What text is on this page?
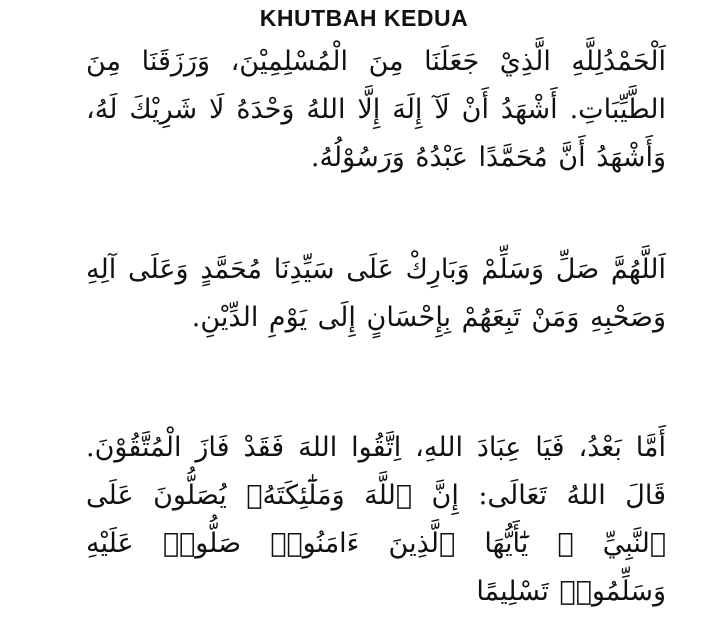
KHUTBAH KEDUA
اَلْحَمْدُلِلَّهِ الَّذِيْ جَعَلَنَا مِنَ الْمُسْلِمِيْنَ، وَرَزَقَنَا مِنَ الطَّيِّبَاتِ. أَشْهَدُ أَنْ لَآ إِلَهَ إِلَّا اللهُ وَحْدَهُ لَا شَرِيْكَ لَهُ، وَأَشْهَدُ أَنَّ مُحَمَّدًا عَبْدُهُ وَرَسُوْلُهُ.
اَللَّهُمَّ صَلِّ وَسَلِّمْ وَبَارِكْ عَلَى سَيِّدِنَا مُحَمَّدٍ وَعَلَى آلِهِ وَصَحْبِهِ وَمَنْ تَبِعَهُمْ بِإِحْسَانٍ إِلَى يَوْمِ الدِّيْنِ.
أَمَّا بَعْدُ، فَيَا عِبَادَ اللهِ، اِتَّقُوا اللهَ فَقَدْ فَازَ الْمُتَّقُوْنَ. قَالَ اللهُ تَعَالَى: إِنَّ ٱللَّهَ وَمَلَٰٓئِكَتَهُۥ يُصَلُّونَ عَلَى ٱلنَّبِيِّ ۚ يَٰٓأَيُّهَا ٱلَّذِينَ ءَامَنُوا۟ صَلُّوا۟ عَلَيْهِ وَسَلِّمُوا۟ تَسْلِيمًا
